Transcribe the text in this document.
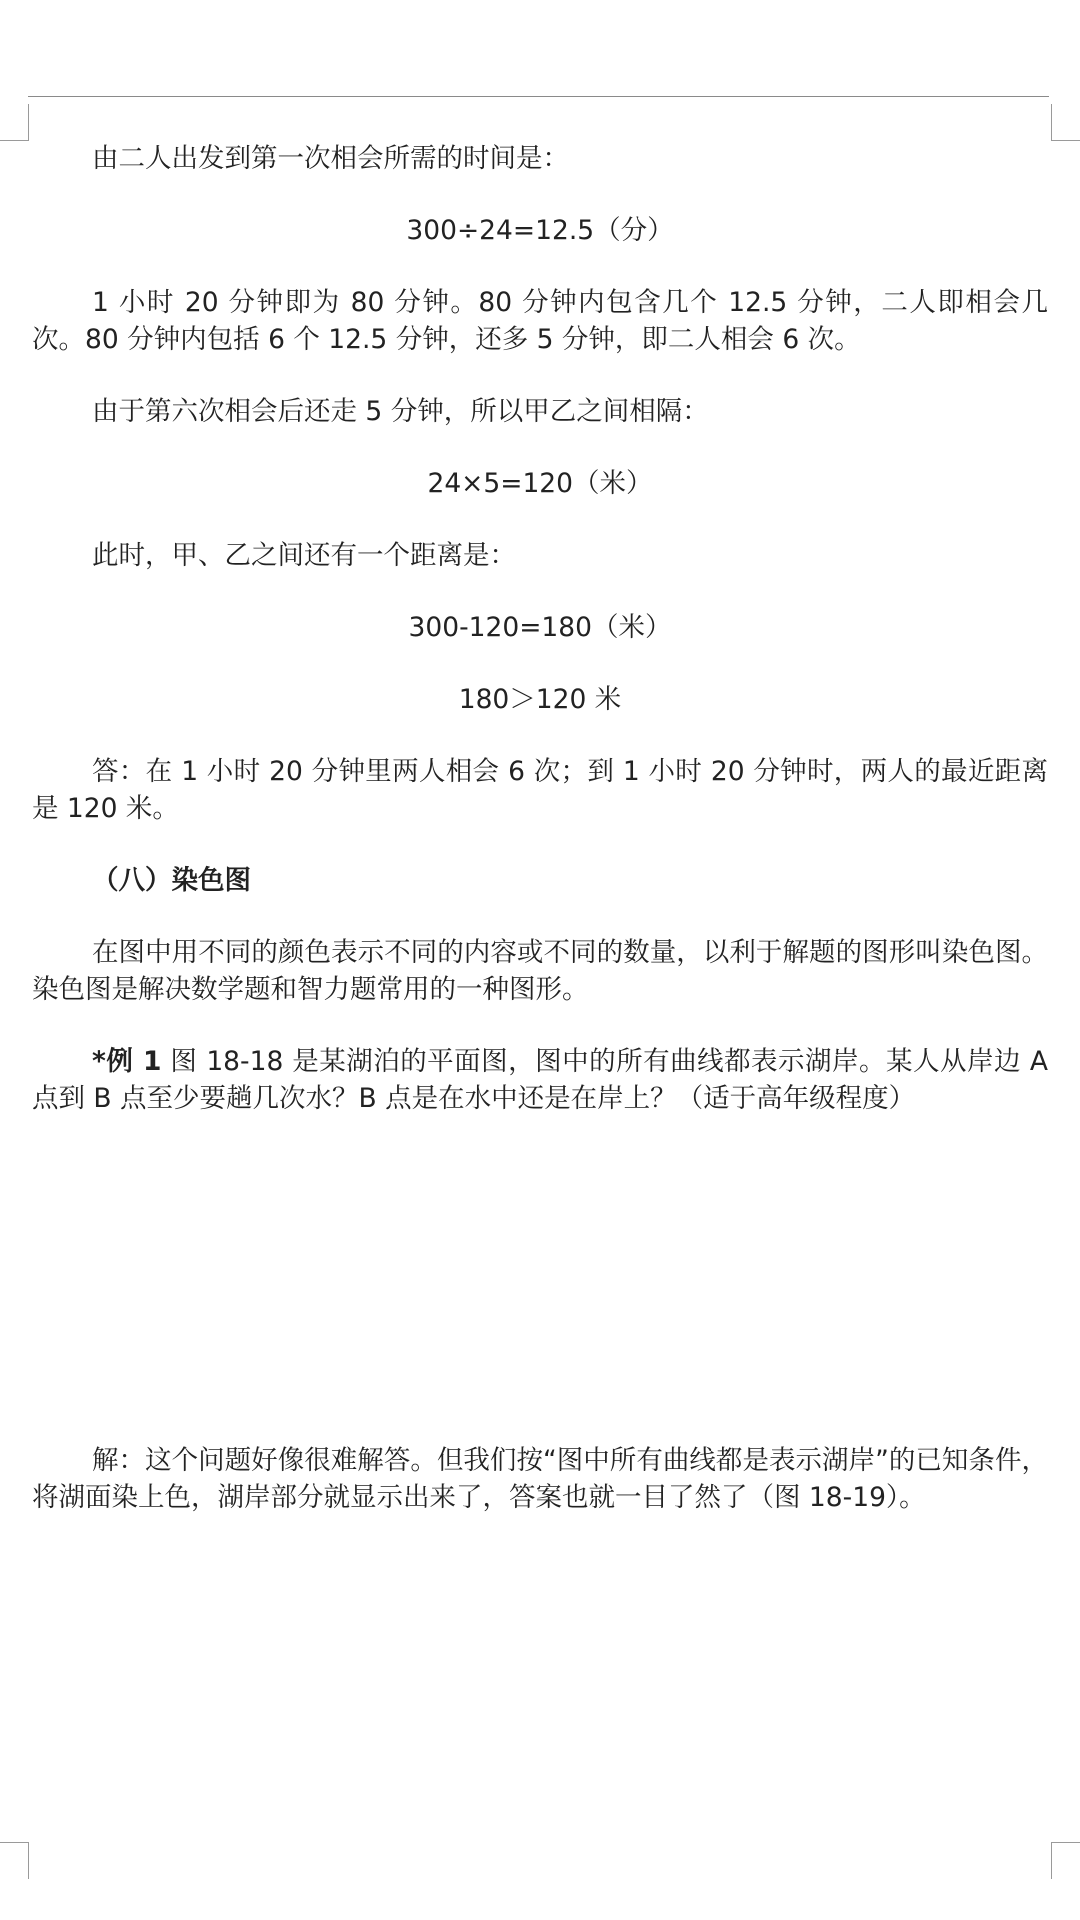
由二人出发到第一次相会所需的时间是：

300÷24=12.5（分）

1 小时 20 分钟即为 80 分钟。80 分钟内包含几个 12.5 分钟，二人即相会几次。80 分钟内包括 6 个 12.5 分钟，还多 5 分钟，即二人相会 6 次。

由于第六次相会后还走 5 分钟，所以甲乙之间相隔：

24×5=120（米）

此时，甲、乙之间还有一个距离是：

300-120=180（米）

180＞120 米

答：在 1 小时 20 分钟里两人相会 6 次；到 1 小时 20 分钟时，两人的最近距离是 120 米。

（八）染色图

在图中用不同的颜色表示不同的内容或不同的数量，以利于解题的图形叫染色图。染色图是解决数学题和智力题常用的一种图形。

*例 1 图 18-18 是某湖泊的平面图，图中的所有曲线都表示湖岸。某人从岸边 A 点到 B 点至少要趟几次水？B 点是在水中还是在岸上？（适于高年级程度）

解：这个问题好像很难解答。但我们按“图中所有曲线都是表示湖岸”的已知条件，将湖面染上色，湖岸部分就显示出来了，答案也就一目了然了（图 18-19）。
